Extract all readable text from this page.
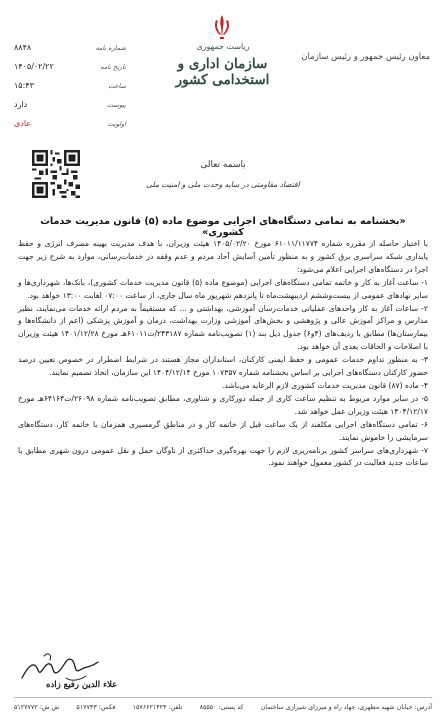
شماره نامه
۸۸۴۸
تاریخ نامه
۱۴۰۵/۰۲/۲۲
ساعت
۱۵:۴۳
پیوست
دارد
اولویت
عادی
ریاست جمهوری
سازمان اداری و استخدامی کشور
معاون رئیس جمهور و رئیس سازمان
باسمه تعالی
اقتصاد مقاومتی در سایه وحدت ملی و امنیت ملی
«بخشنامه به تمامی دستگاه‌های اجرایی موضوع ماده (۵) قانون مدیریت خدمات کشوری»

با اختیار حاصله از مقرره شماره ۶۱۰۱۱/۱۱۷۷۴ مورخ ۱۴۰۵/۰۲/۲۰ هیئت وزیران، با هدف مدیریت بهینه مصرف انرژی و حفظ پایداری شبکه سراسری برق کشور و به منظور تأمین آسایش آحاد مردم و عدم وقفه در خدمات‌رسانی، موارد به شرح زیر جهت اجرا در دستگاه‌های اجرایی اعلام می‌شود:

۱- ساعت آغاز به کار و خاتمه تمامی دستگاه‌های اجرایی (موضوع ماده (۵) قانون مدیریت خدمات کشوری)، بانک‌ها، شهرداری‌ها و سایر نهادهای عمومی از بیست‌وششم اردیبهشت‌ماه تا پانزدهم شهریور ماه سال جاری، از ساعت ۰۷:۰۰ لغایت ۱۳:۰۰ خواهد بود.

۲- ساعات آغاز به کار واحدهای عملیاتی خدمات‌رسان آموزشی، بهداشتی و ... که مستقیماً به مردم ارائه خدمات می‌نمایند، نظیر مدارس و مراکز آموزش عالی و پژوهشی و بخش‌های آموزشی وزارت بهداشت، درمان و آموزش پزشکی (اعم از دانشگاه‌ها و بیمارستان‌ها) مطابق با ردیف‌های (۴و۶) جدول ذیل بند (۱) تصویب‌نامه شماره ۲۴۳۱۸۷/ت۶۱۰۱۱هـ مورخ ۱۴۰۱/۱۲/۲۸ هیئت وزیران با اصلاحات و الحاقات بعدی آن خواهد بود.

۳- به منظور تداوم خدمات عمومی و حفظ ایمنی کارکنان، استانداران مجاز هستند در شرایط اضطرار در خصوص تعیین درصد حضور کارکنان دستگاه‌های اجرایی بر اساس بخشنامه شماره ۱۰۷۳۵۷ مورخ ۱۴۰۴/۱۲/۱۴ این سازمان، اتخاذ تصمیم نمایند.

۴- ماده (۸۷) قانون مدیریت خدمات کشوری لازم الرعایه می‌باشد.

۵- در سایر موارد مربوط به تنظیم ساعت کاری از جمله دورکاری و شناوری، مطابق تصویب‌نامه شماره ۲۶۰۹۸/ت۶۴۱۶۴هـ مورخ ۱۴۰۴/۱۲/۱۷ هیئت وزیران عمل خواهد شد.

۶- تمامی دستگاه‌های اجرایی مکلفند از یک ساعت قبل از خاتمه کار و در مناطق گرمسیری همزمان با خاتمه کار، دستگاه‌های سرمایشی را خاموش نمایند.

۷- شهرداری‌های سراسر کشور برنامه‌ریزی لازم را جهت بهره‌گیری حداکثری از ناوگان حمل و نقل عمومی درون شهری مطابق با ساعات جدید فعالیت در کشور معمول خواهند نمود.

علاء الدین رفیع زاده
آدرس: خیابان شهید مطهری، جهاد راه و میرزای شیرازی ساختمان
کد پستی: ۸۵۵۵۰
تلفن: ۱۵۷۶۶۲۱۴۲۳
فکس: ۵۱۷۷۳۳
ش ش: ۵۱۲۷۷۷۲
